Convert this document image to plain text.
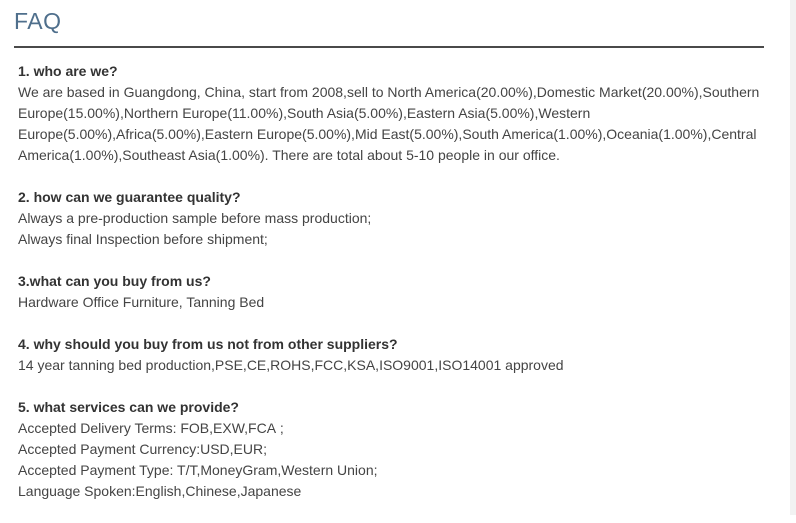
FAQ
1. who are we?
We are based in Guangdong, China, start from 2008,sell to North America(20.00%),Domestic Market(20.00%),Southern Europe(15.00%),Northern Europe(11.00%),South Asia(5.00%),Eastern Asia(5.00%),Western Europe(5.00%),Africa(5.00%),Eastern Europe(5.00%),Mid East(5.00%),South America(1.00%),Oceania(1.00%),Central America(1.00%),Southeast Asia(1.00%). There are total about 5-10 people in our office.
2. how can we guarantee quality?
Always a pre-production sample before mass production;
Always final Inspection before shipment;
3.what can you buy from us?
Hardware Office Furniture, Tanning Bed
4. why should you buy from us not from other suppliers?
14 year tanning bed production,PSE,CE,ROHS,FCC,KSA,ISO9001,ISO14001 approved
5. what services can we provide?
Accepted Delivery Terms: FOB,EXW,FCA ;
Accepted Payment Currency:USD,EUR;
Accepted Payment Type: T/T,MoneyGram,Western Union;
Language Spoken:English,Chinese,Japanese
